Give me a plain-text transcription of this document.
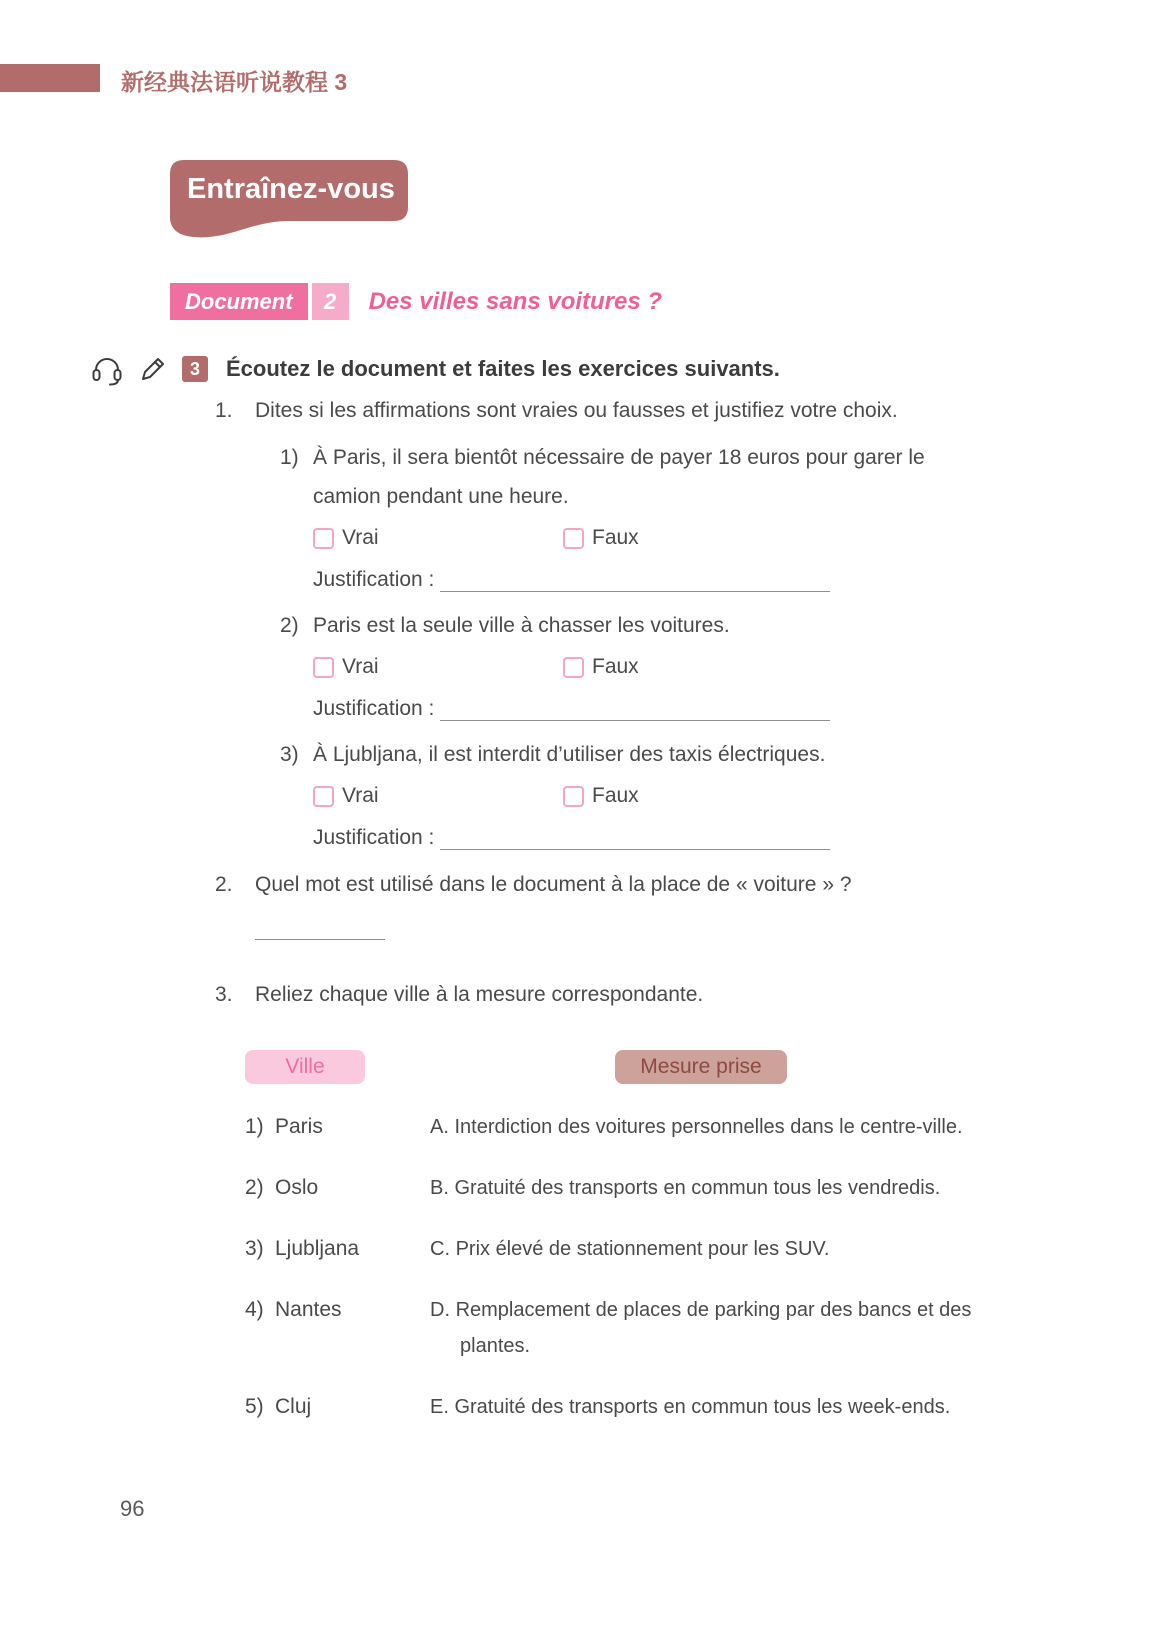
新经典法语听说教程 3
Entraînez-vous
Document	2	Des villes sans voitures ?
3	Écoutez le document et faites les exercices suivants.
1.	Dites si les affirmations sont vraies ou fausses et justifiez votre choix.
1) À Paris, il sera bientôt nécessaire de payer 18 euros pour garer le camion pendant une heure.
Vrai	Faux
Justification :
2) Paris est la seule ville à chasser les voitures.
Vrai	Faux
Justification :
3) À Ljubljana, il est interdit d’utiliser des taxis électriques.
Vrai	Faux
Justification :
2.	Quel mot est utilisé dans le document à la place de « voiture » ?
3.	Reliez chaque ville à la mesure correspondante.
Ville	Mesure prise
1) Paris	A. Interdiction des voitures personnelles dans le centre-ville.
2) Oslo	B. Gratuité des transports en commun tous les vendredis.
3) Ljubljana	C. Prix élevé de stationnement pour les SUV.
4) Nantes	D. Remplacement de places de parking par des bancs et des plantes.
5) Cluj	E. Gratuité des transports en commun tous les week-ends.
96
